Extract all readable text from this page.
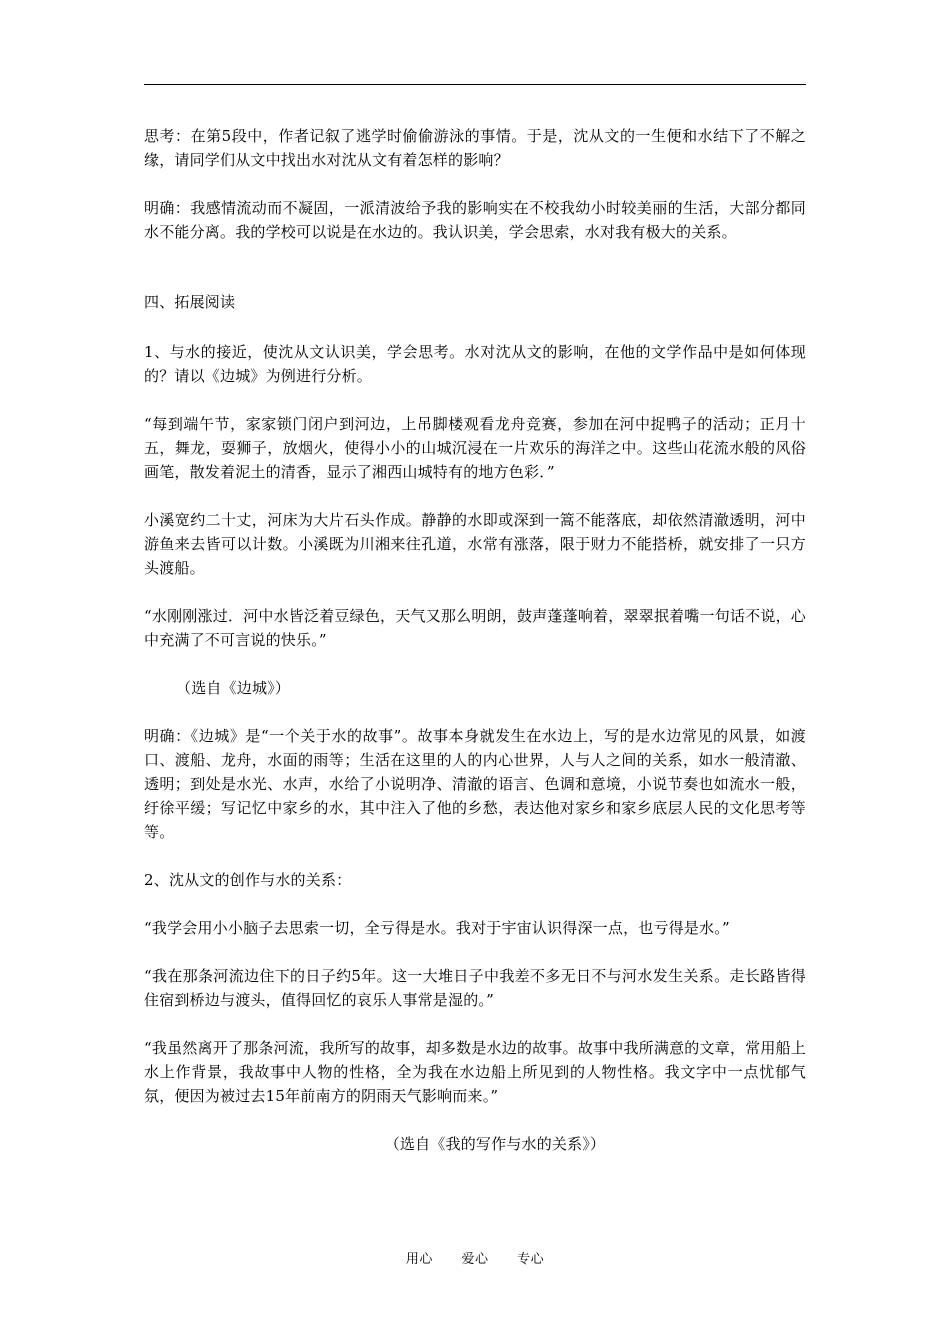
思考：在第5段中，作者记叙了逃学时偷偷游泳的事情。于是，沈从文的一生便和水结下了不解之缘，请同学们从文中找出水对沈从文有着怎样的影响？

明确：我感情流动而不凝固，一派清波给予我的影响实在不校我幼小时较美丽的生活，大部分都同水不能分离。我的学校可以说是在水边的。我认识美，学会思索，水对我有极大的关系。

四、拓展阅读

1、与水的接近，使沈从文认识美，学会思考。水对沈从文的影响，在他的文学作品中是如何体现的？请以《边城》为例进行分析。

“每到端午节，家家锁门闭户到河边，上吊脚楼观看龙舟竞赛，参加在河中捉鸭子的活动；正月十五，舞龙，耍狮子，放烟火，使得小小的山城沉浸在一片欢乐的海洋之中。这些山花流水般的风俗画笔，散发着泥土的清香，显示了湘西山城特有的地方色彩．”

小溪宽约二十丈，河床为大片石头作成。静静的水即或深到一篙不能落底，却依然清澈透明，河中游鱼来去皆可以计数。小溪既为川湘来往孔道，水常有涨落，限于财力不能搭桥，就安排了一只方头渡船。

“水刚刚涨过．河中水皆泛着豆绿色，天气又那么明朗，鼓声蓬蓬响着，翠翠抿着嘴一句话不说，心中充满了不可言说的快乐。”

（选自《边城》）

明确：《边城》是“一个关于水的故事”。故事本身就发生在水边上，写的是水边常见的风景，如渡口、渡船、龙舟，水面的雨等；生活在这里的人的内心世界，人与人之间的关系，如水一般清澈、透明；到处是水光、水声，水给了小说明净、清澈的语言、色调和意境，小说节奏也如流水一般，纡徐平缓；写记忆中家乡的水，其中注入了他的乡愁，表达他对家乡和家乡底层人民的文化思考等等。

2、沈从文的创作与水的关系：

“我学会用小小脑子去思索一切，全亏得是水。我对于宇宙认识得深一点，也亏得是水。”

“我在那条河流边住下的日子约5年。这一大堆日子中我差不多无日不与河水发生关系。走长路皆得住宿到桥边与渡头，值得回忆的哀乐人事常是湿的。”

“我虽然离开了那条河流，我所写的故事，却多数是水边的故事。故事中我所满意的文章，常用船上水上作背景，我故事中人物的性格，全为我在水边船上所见到的人物性格。我文字中一点忧郁气氛，便因为被过去15年前南方的阴雨天气影响而来。”

（选自《我的写作与水的关系》）

用心 爱心 专心
